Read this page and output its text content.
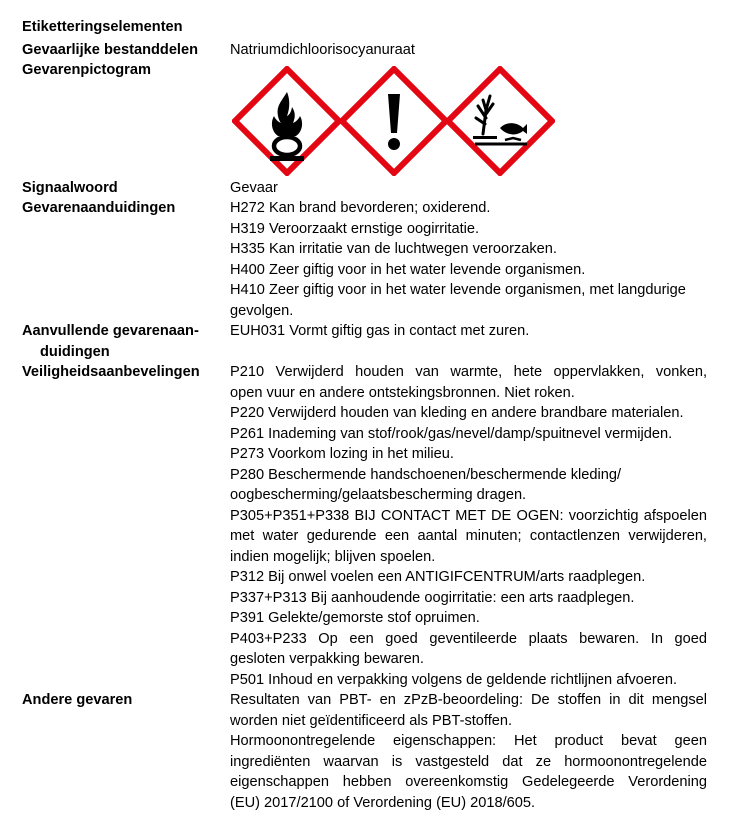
Etiketteringselementen
Gevaarlijke bestanddelen Natriumdichloorisocyanuraat
Gevarenpictogram
Signaalwoord	Gevaar
Gevarenaanduidingen	H272 Kan brand bevorderen; oxiderend.
H319 Veroorzaakt ernstige oogirritatie.
H335 Kan irritatie van de luchtwegen veroorzaken.
H400 Zeer giftig voor in het water levende organismen.
H410 Zeer giftig voor in het water levende organismen, met langdurige
gevolgen.
Aanvullende gevarenaan-
duidingen
EUH031 Vormt giftig gas in contact met zuren.
Veiligheidsaanbevelingen P210 Verwijderd houden van warmte, hete oppervlakken, vonken,
open vuur en andere ontstekingsbronnen. Niet roken.
P220 Verwijderd houden van kleding en andere brandbare materialen.
P261 Inademing van stof/rook/gas/nevel/damp/spuitnevel vermijden.
P273 Voorkom lozing in het milieu.
P280 Beschermende handschoenen/beschermende kleding/
oogbescherming/gelaatsbescherming dragen.
P305+P351+P338 BIJ CONTACT MET DE OGEN: voorzichtig afspoelen
met water gedurende een aantal minuten; contactlenzen verwijderen,
indien mogelijk; blijven spoelen.
P312 Bij onwel voelen een ANTIGIFCENTRUM/arts raadplegen.
P337+P313 Bij aanhoudende oogirritatie: een arts raadplegen.
P391 Gelekte/gemorste stof opruimen.
P403+P233 Op een goed geventileerde plaats bewaren. In goed
gesloten verpakking bewaren.
P501 Inhoud en verpakking volgens de geldende richtlijnen afvoeren.
Andere gevaren	Resultaten van PBT- en zPzB-beoordeling: De stoffen in dit mengsel
worden niet geïdentificeerd als PBT-stoffen.
Hormoonontregelende eigenschappen: Het product bevat geen
ingrediënten waarvan is vastgesteld dat ze hormoonontregelende
eigenschappen hebben overeenkomstig Gedelegeerde Verordening
(EU) 2017/2100 of Verordening (EU) 2018/605.
